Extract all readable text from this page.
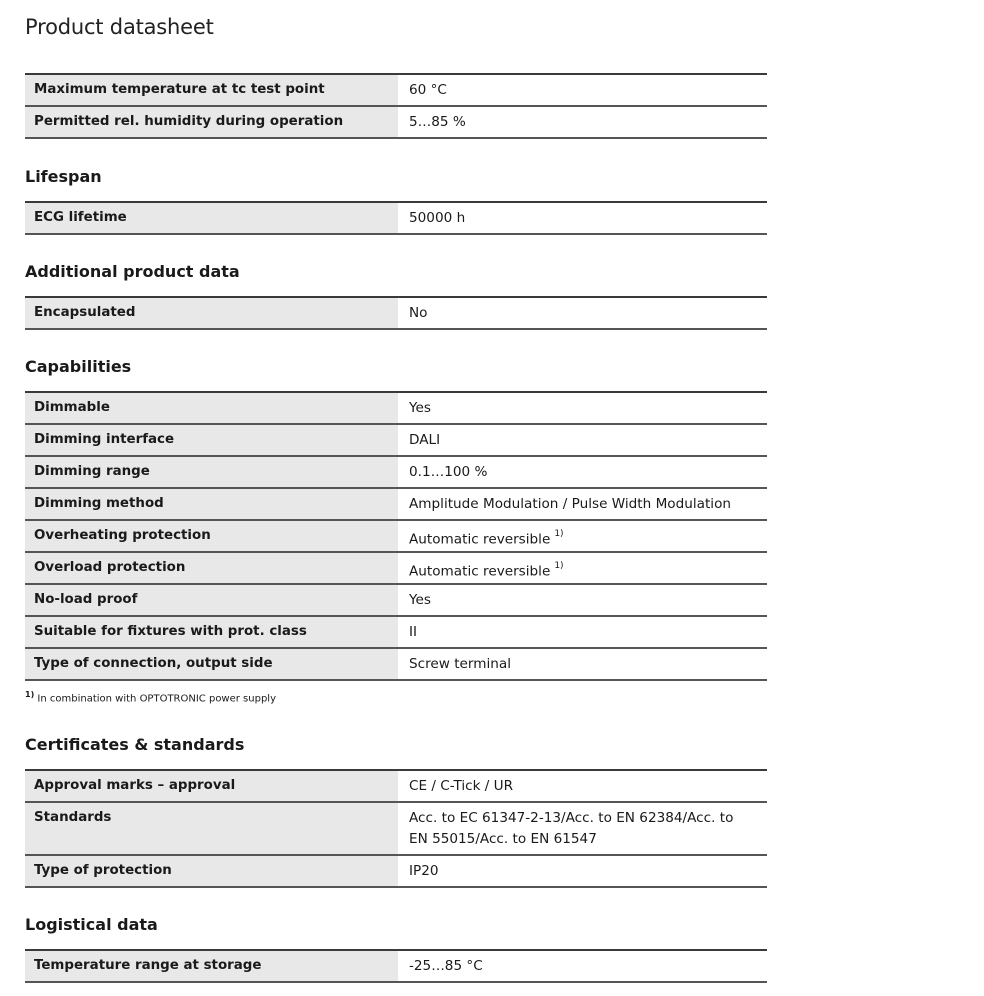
Product datasheet
Maximum temperature at tc test point	60 °C
Permitted rel. humidity during operation	5…85 %
Lifespan
ECG lifetime	50000 h
Additional product data
Encapsulated	No
Capabilities
Dimmable	Yes
Dimming interface	DALI
Dimming range	0.1…100 %
Dimming method	Amplitude Modulation / Pulse Width Modulation
Overheating protection	Automatic reversible $^{1)}$
Overload protection	Automatic reversible $^{1)}$
No-load proof	Yes
Suitable for fixtures with prot. class	II
Type of connection, output side	Screw terminal
$^{1)}$ In combination with OPTOTRONIC power supply
Certificates & standards
Approval marks – approval	CE / C-Tick / UR
Standards	Acc. to EC 61347-2-13/Acc. to EN 62384/Acc. to EN 55015/Acc. to EN 61547
Type of protection	IP20
Logistical data
Temperature range at storage	-25…85 °C
